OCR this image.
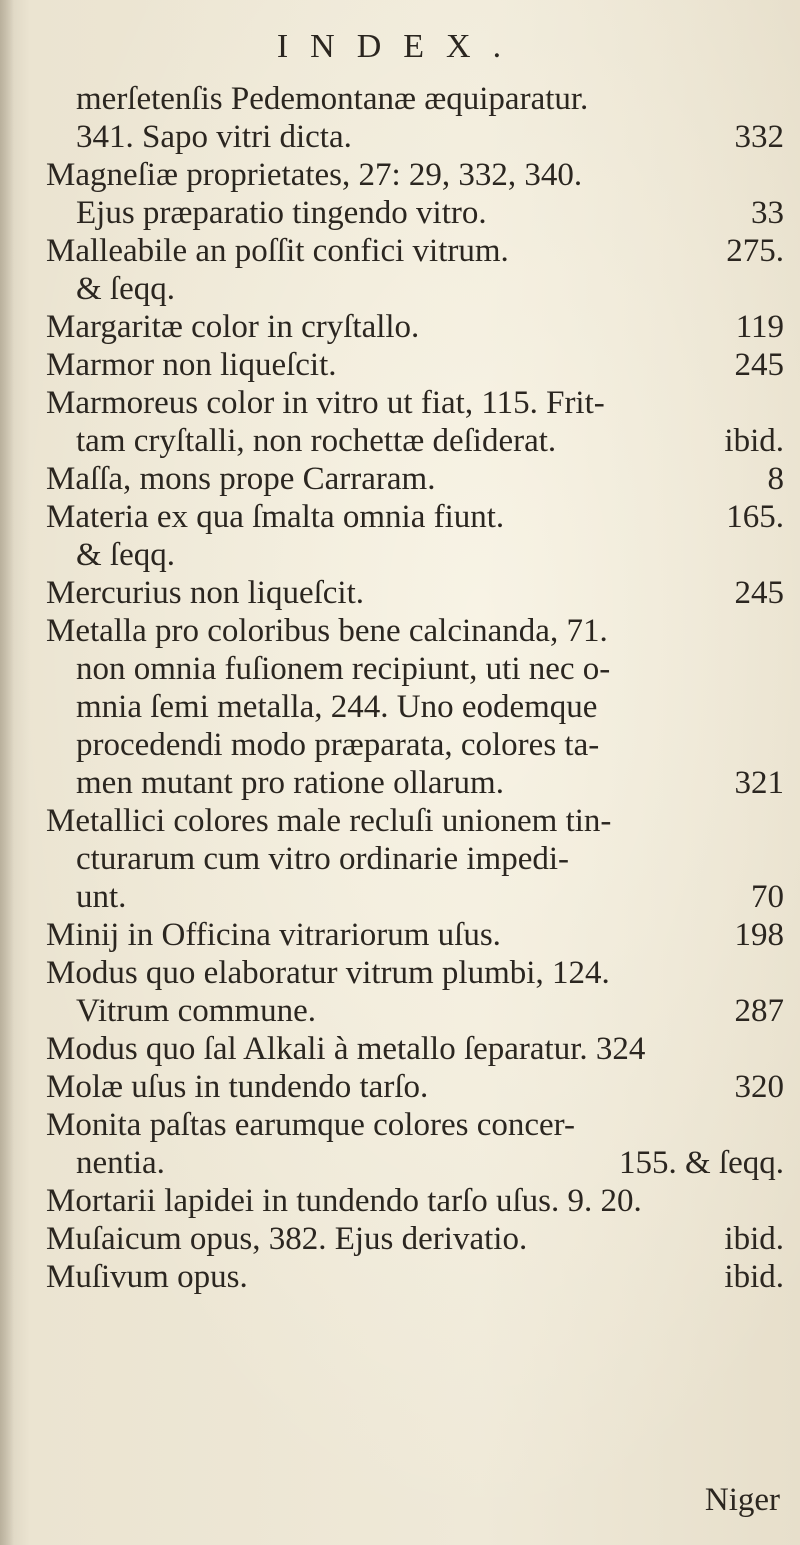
INDEX.
merſetenſis Pedemontanæ æquiparatur.
341. Sapo vitri dicta.	332
Magneſiæ proprietates, 27: 29, 332, 340.
Ejus præparatio tingendo vitro.	33
Malleabile an poſſit confici vitrum.	275.
& ſeqq.
Margaritæ color in cryſtallo.	119
Marmor non liqueſcit.	245
Marmoreus color in vitro ut fiat, 115. Frit-
tam cryſtalli, non rochettæ deſiderat.	ibid.
Maſſa, mons prope Carraram.	8
Materia ex qua ſmalta omnia fiunt.	165.
& ſeqq.
Mercurius non liqueſcit.	245
Metalla pro coloribus bene calcinanda, 71.
non omnia fuſionem recipiunt, uti nec o-
mnia ſemi metalla, 244. Uno eodemque
procedendi modo præparata, colores ta-
men mutant pro ratione ollarum.	321
Metallici colores male recluſi unionem tin-
cturarum cum vitro ordinarie impedi-
unt.	70
Minij in Officina vitrariorum uſus.	198
Modus quo elaboratur vitrum plumbi, 124.
Vitrum commune.	287
Modus quo ſal Alkali à metallo ſeparatur. 324
Molæ uſus in tundendo tarſo.	320
Monita paſtas earumque colores concer-
nentia.	155. & ſeqq.
Mortarii lapidei in tundendo tarſo uſus. 9. 20.
Muſaicum opus, 382. Ejus derivatio.	ibid.
Muſivum opus.	ibid.
Niger
